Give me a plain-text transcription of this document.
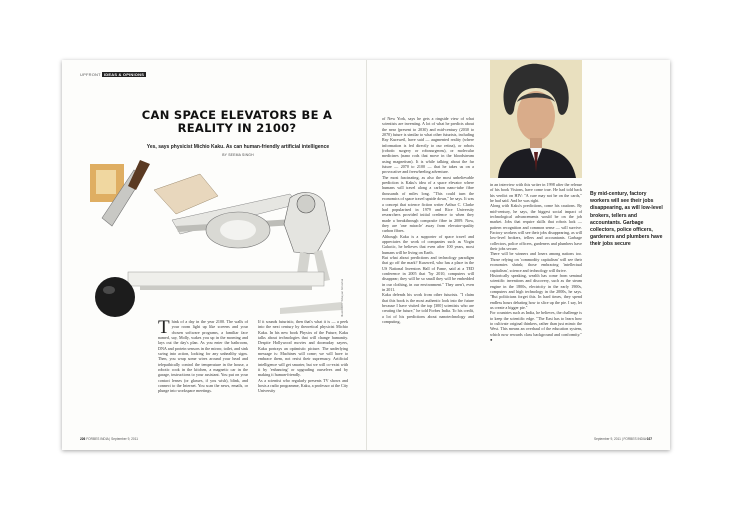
UPFRONT IDEAS & OPINIONS
CAN SPACE ELEVATORS BE A REALITY IN 2100?
Yes, says physicist Michio Kaku. As can human-friendly artificial intelligence
BY SEEMA SINGH
Illustration: Sibayan Ghoshal
T hink of a day in the year 2100. The walls of your room light up like screens and your chosen software programs, a familiar face named, say, Molly, wakes you up in the morning and lays out the day's plan. As you enter the bathroom, DNA and protein sensors in the mirror, toilet, and sink swing into action, looking for any unhealthy signs. Then, you wrap some wires around your head and telepathically control the temperature in the house, a robotic cook in the kitchen, a magnetic car in the garage, instructions to your assistant. You put on your contact lenses (or glasses, if you wish), blink, and connect to the Internet. You scan the news, emails, or plunge into workspace meetings.

If it sounds futuristic, then that's what it is — a peek into the next century by theoretical physicist Michio Kaku. In his new book Physics of the Future, Kaku talks about technologies that will change humanity. Despite Hollywood movies and doomsday sayers, Kaku portrays an optimistic picture. The underlying message is: Machines will come; we will have to embrace them, not resist their supremacy. Artificial intelligence will get smarter, but we will co-exist with it by 'enhancing' or upgrading ourselves and by making it human-friendly.

As a scientist who regularly presents TV shows and hosts a radio programme, Kaku, a professor at the City University

of New York, says he gets a ringside view of what scientists are inventing. A lot of what he predicts about the near (present to 2030) and mid-century (2030 to 2070) future is similar to what other futurists, including Ray Kurzweil, have said — augmented reality (where information is fed directly to our retina), or robots (robotic surgery or robosurgeons), or molecular medicines (nano rods that move in the bloodstream using magnetism). It is while talking about the far future — 2070 to 2100 — that he takes us on a provocative and freewheeling adventure.

The most fascinating, as also the most unbelievable prediction is Kaku's idea of a space elevator where humans will travel along a carbon nano-tube fibre thousands of miles long. "This could turn the economics of space travel upside down," he says. It was a concept that science fiction writer Arthur C. Clarke had popularised in 1979 and Rice University researchers provided initial credence to when they made a breakthrough composite fibre in 2009. Now, they are 'one miracle' away from elevator-quality carbon fibres.

Although Kaku is a supporter of space travel and appreciates the work of companies such as Virgin Galactic, he believes that even after 100 years, most humans will be living on Earth.

But what about predictions and technology paradigm that go off the mark? Kurzweil, who has a place in the US National Inventors Hall of Fame, said at a TED conference in 2005 that "by 2010, computers will disappear; they will be so small they will be embedded in our clothing, in our environment." They aren't, even in 2011.

Kaku defends his work from other futurists. "I claim that this book is the most authentic look into the future because I have visited the top [300] scientists who are creating the future," he told Forbes India. To his credit, a lot of his predictions about nanotechnology and computing,

in an interview with this writer in 1998 after the release of his book Visions, have come true. He had told back his verdict on HIV: "A cure may not be on the cards," he had said. And he was right.

Along with Kaku's predictions, come his cautions. By mid-century, he says, the biggest social impact of technological advancements would be on the job market. Jobs that require skills that robots lack — pattern recognition and common sense — will survive. Factory workers will see their jobs disappearing, as will low-level brokers, tellers and accountants. Garbage collectors, police officers, gardeners and plumbers have their jobs secure.

There will be winners and losers among nations too. Those relying on 'commodity capitalism' will see their economies shrink; those embracing 'intellectual capitalism', science and technology will thrive.

Historically speaking, wealth has come from seminal scientific inventions and discovery, such as the steam engine in the 1800s, electricity in the early 1900s, computers and high technology in the 2000s, he says. "But politicians forget this. In hard times, they spend endless hours debating how to slice up the pie. I say, let us create a bigger pie."

For countries such as India, he believes, the challenge is to keep the scientific edge. "The East has to learn how to cultivate original thinkers, rather than just mimic the West. This means an overhaul of the education system, which now rewards class background and conformity." ●

By mid-century, factory workers will see their jobs disappearing, as will low-level brokers, tellers and accountants. Garbage collectors, police officers, gardeners and plumbers have their jobs secure
226 FORBES INDIA | September 9, 2011	September 9, 2011 | FORBES INDIA 027
